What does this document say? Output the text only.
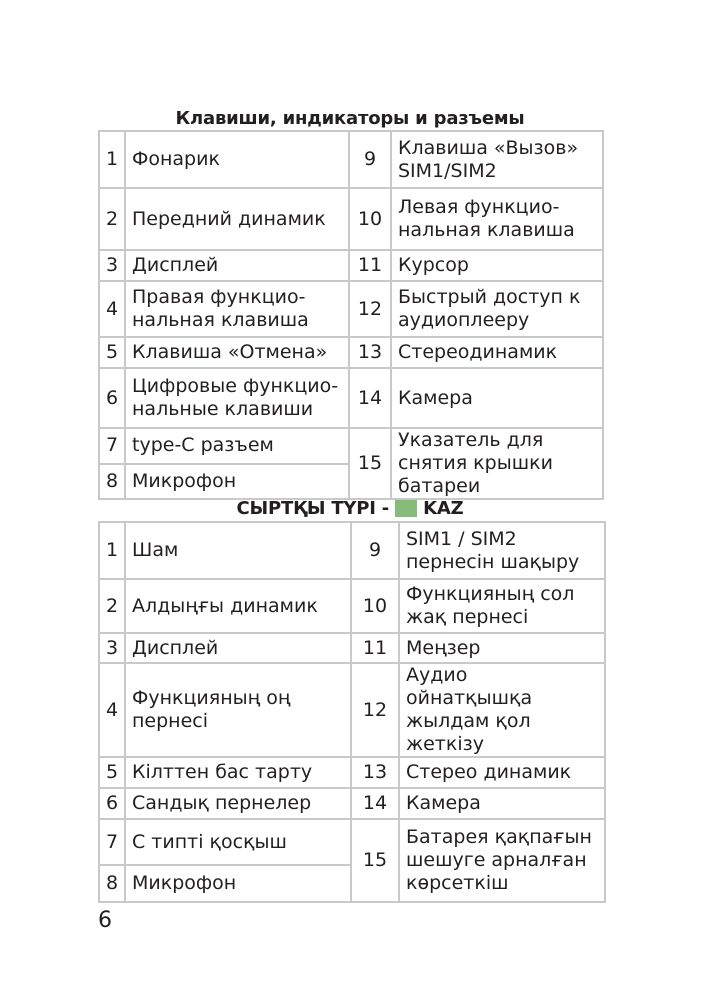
Клавиши, индикаторы и разъемы
1	Фонарик	9	Клавиша «Вызов» SIM1/SIM2
2	Передний динамик	10	Левая функцио-нальная клавиша
3	Дисплей	11	Курсор
4	Правая функцио-нальная клавиша	12	Быстрый доступ к аудиоплееру
5	Клавиша «Отмена»	13	Стереодинамик
6	Цифровые функцио-нальные клавиши	14	Камера
7	type-C разъем	15	Указатель для снятия крышки батареи
8	Микрофон		
СЫРТҚЫ ТҮРІ - KAZ
1	Шам	9	SIM1 / SIM2 пернесін шақыру
2	Алдыңғы динамик	10	Функцияның сол жақ пернесі
3	Дисплей	11	Меңзер
4	Функцияның оң пернесі	12	Аудио ойнатқышқа жылдам қол жеткізу
5	Кілттен бас тарту	13	Стерео динамик
6	Сандық пернелер	14	Камера
7	С типті қосқыш	15	Батарея қақпағын шешуге арналған көрсеткіш
8	Микрофон		
6
